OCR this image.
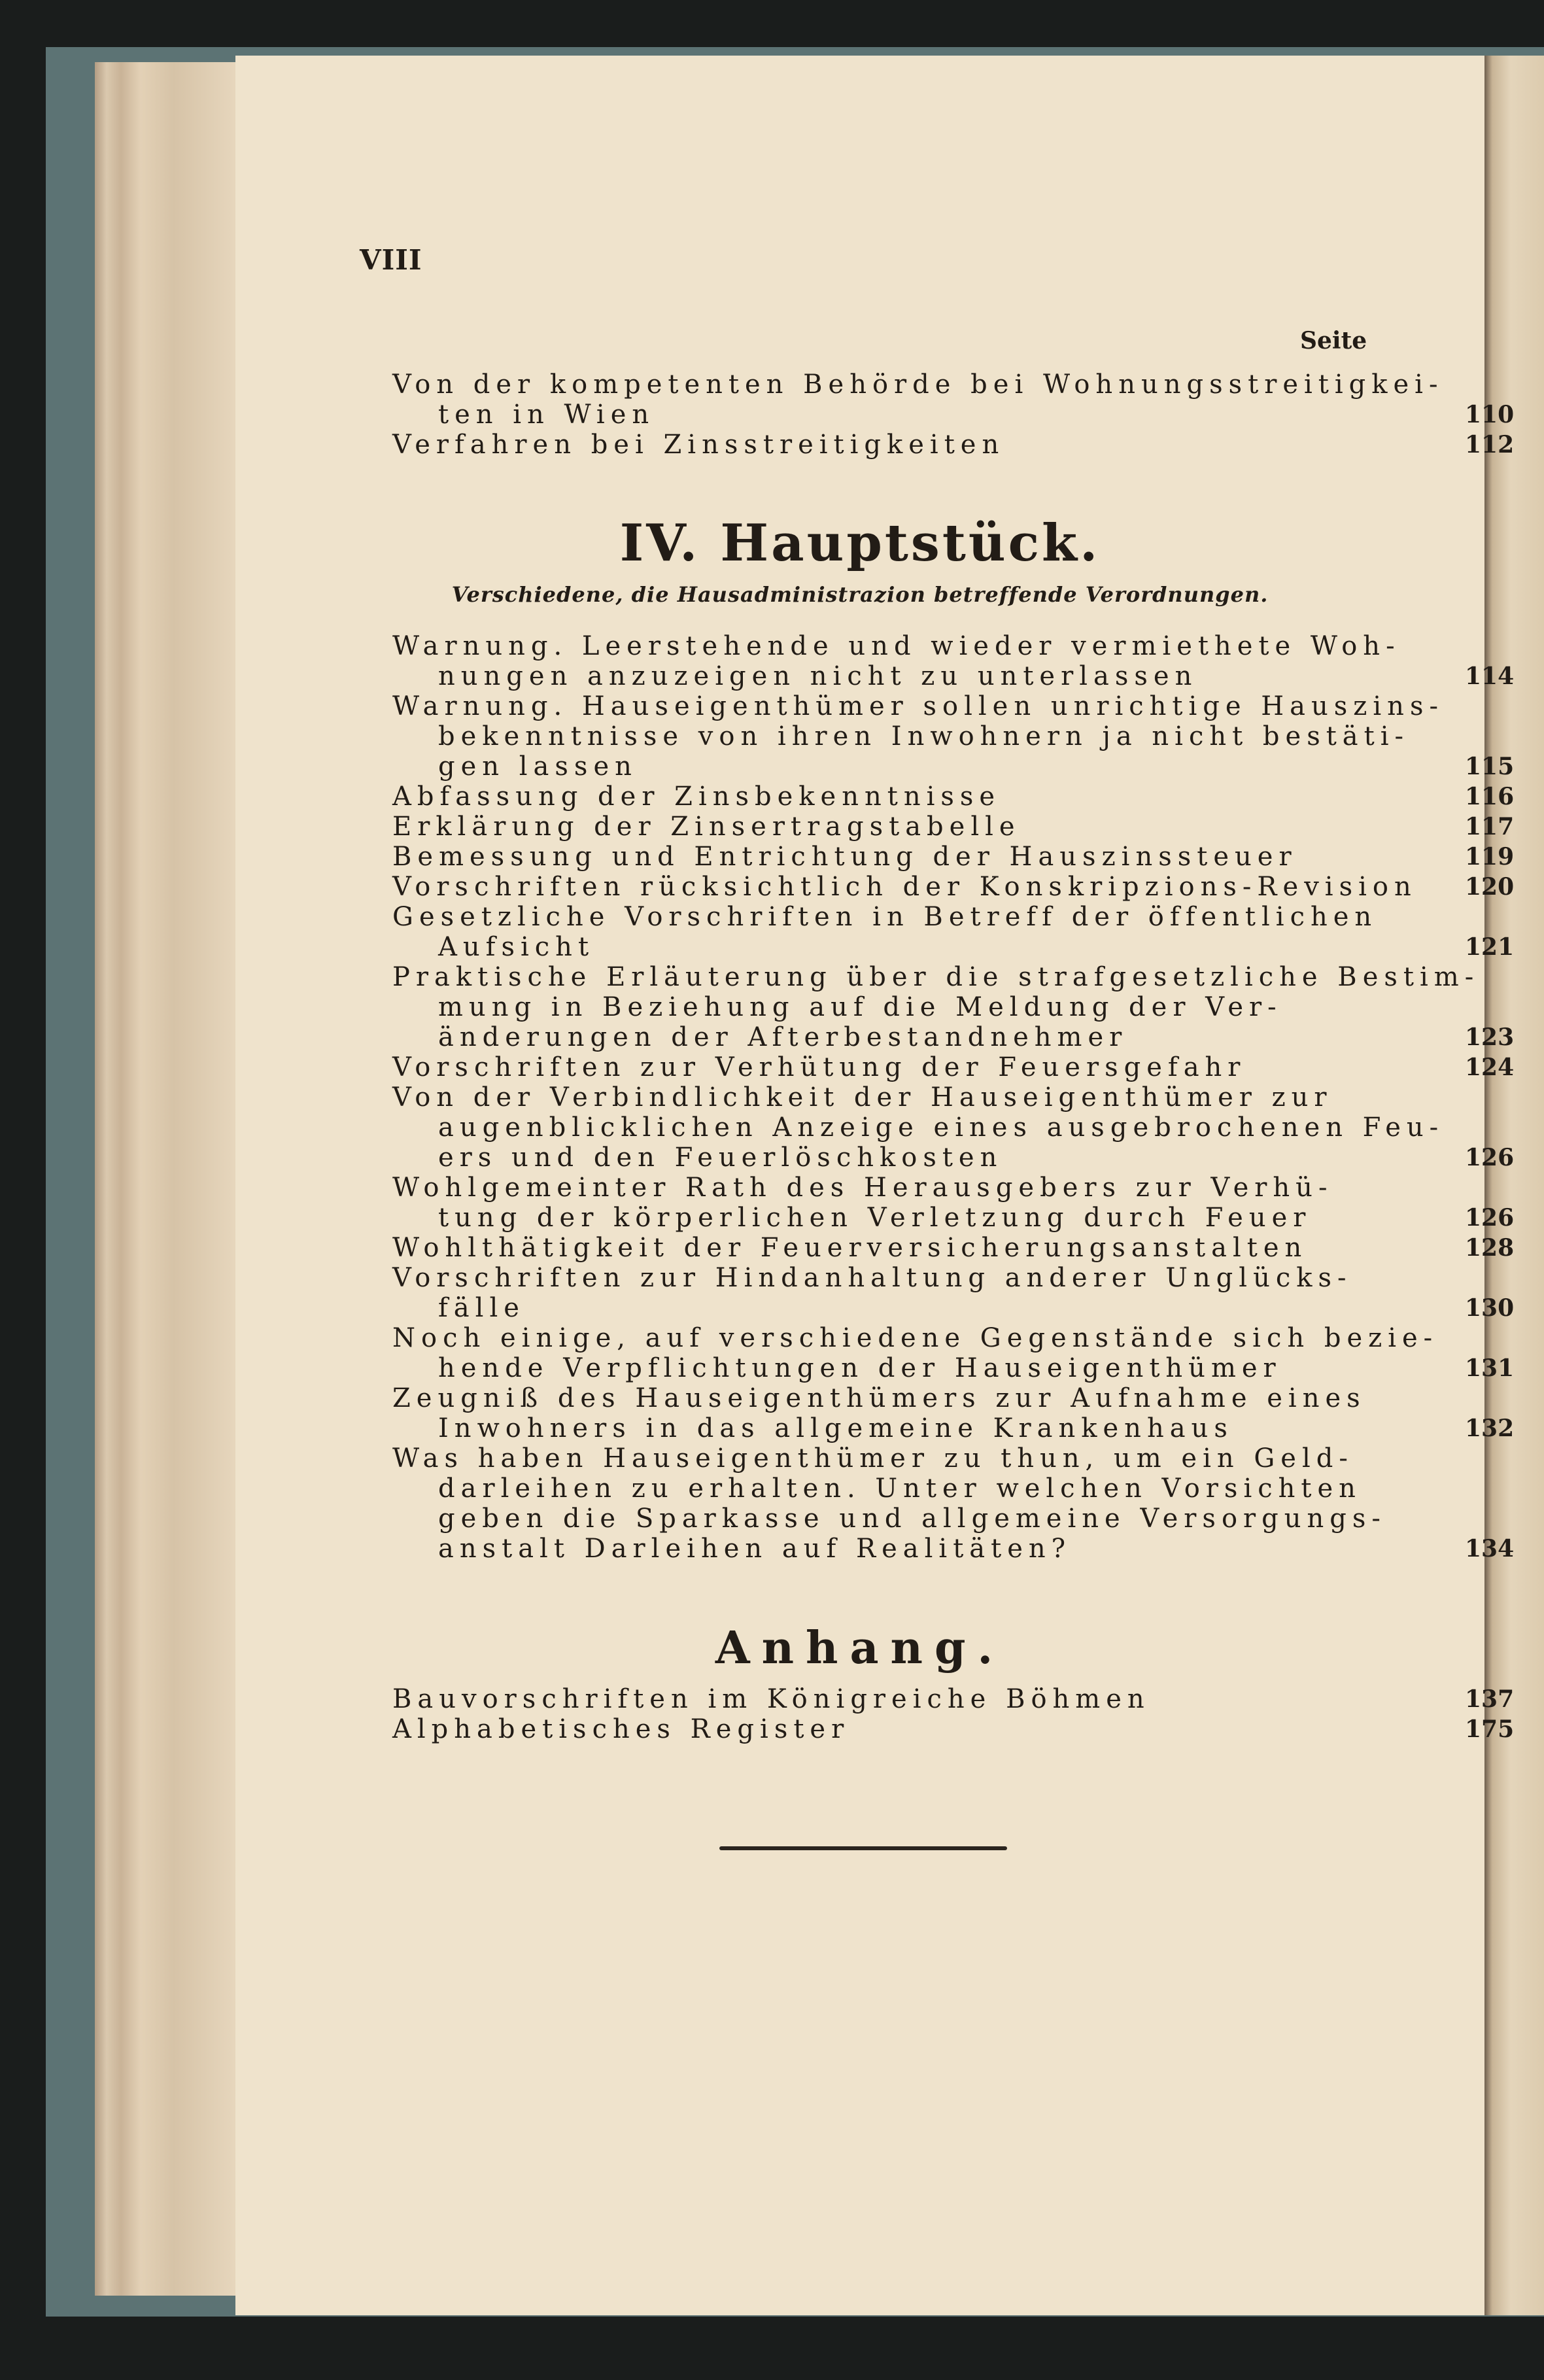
VIII
Seite
Von der kompetenten Behörde bei Wohnungsstreitigkei-
ten in Wien	110
Verfahren bei Zinsstreitigkeiten	112
IV. Hauptstück.
Verschiedene, die Hausadministrazion betreffende Verordnungen.
Warnung. Leerstehende und wieder vermiethete Woh-
nungen anzuzeigen nicht zu unterlassen	114
Warnung. Hauseigenthümer sollen unrichtige Hauszins-
bekenntnisse von ihren Inwohnern ja nicht bestäti-
gen lassen	115
Abfassung der Zinsbekenntnisse	116
Erklärung der Zinsertragstabelle	117
Bemessung und Entrichtung der Hauszinssteuer	119
Vorschriften rücksichtlich der Konskripzions-Revision	120
Gesetzliche Vorschriften in Betreff der öffentlichen
Aufsicht	121
Praktische Erläuterung über die strafgesetzliche Bestim-
mung in Beziehung auf die Meldung der Ver-
änderungen der Afterbestandnehmer	123
Vorschriften zur Verhütung der Feuersgefahr	124
Von der Verbindlichkeit der Hauseigenthümer zur
augenblicklichen Anzeige eines ausgebrochenen Feu-
ers und den Feuerlöschkosten	126
Wohlgemeinter Rath des Herausgebers zur Verhü-
tung der körperlichen Verletzung durch Feuer	126
Wohlthätigkeit der Feuerversicherungsanstalten	128
Vorschriften zur Hindanhaltung anderer Unglücks-
fälle	130
Noch einige, auf verschiedene Gegenstände sich bezie-
hende Verpflichtungen der Hauseigenthümer	131
Zeugniß des Hauseigenthümers zur Aufnahme eines
Inwohners in das allgemeine Krankenhaus	132
Was haben Hauseigenthümer zu thun, um ein Geld-
darleihen zu erhalten. Unter welchen Vorsichten
geben die Sparkasse und allgemeine Versorgungs-
anstalt Darleihen auf Realitäten?	134
Anhang.
Bauvorschriften im Königreiche Böhmen	137
Alphabetisches Register	175
